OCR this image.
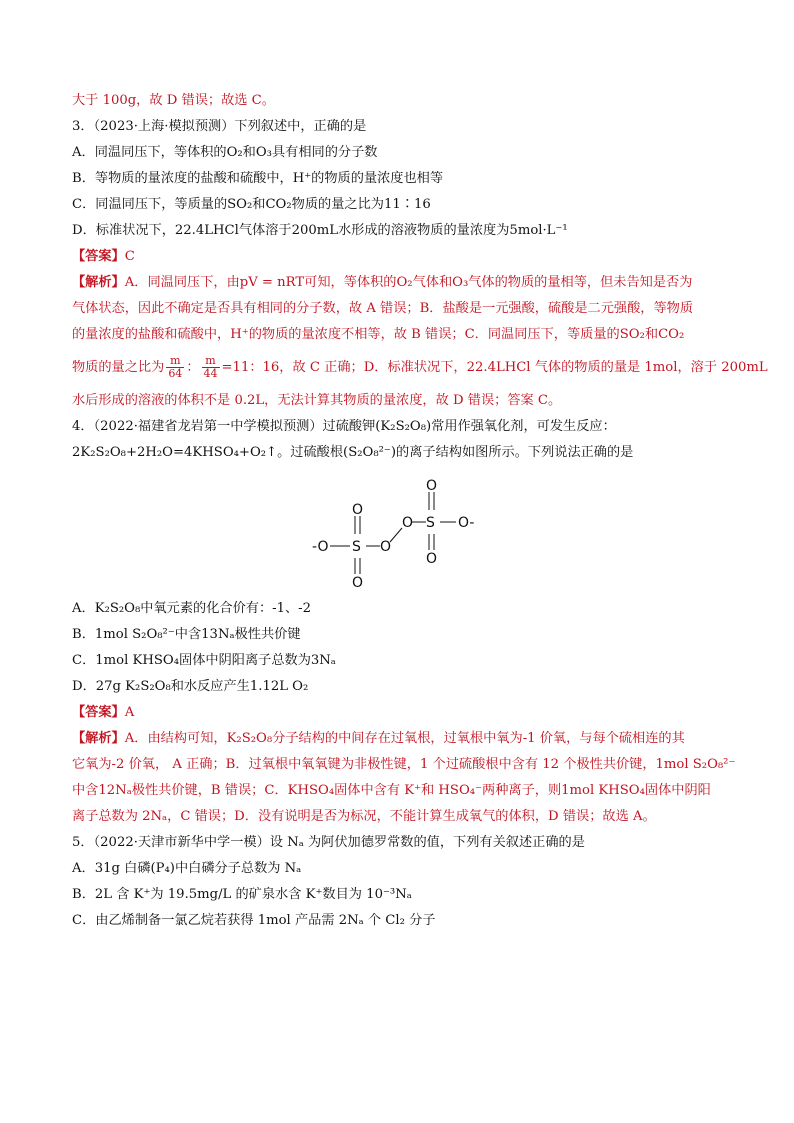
大于 100g，故 D 错误；故选 C。
3．（2023·上海·模拟预测）下列叙述中，正确的是
A．同温同压下，等体积的O₂和O₃具有相同的分子数
B．等物质的量浓度的盐酸和硫酸中，H⁺的物质的量浓度也相等
C．同温同压下，等质量的SO₂和CO₂物质的量之比为11∶16
D．标准状况下，22.4LHCl气体溶于200mL水形成的溶液物质的量浓度为5mol·L⁻¹
【答案】C
【解析】A．同温同压下，由pV = nRT可知，等体积的O₂气体和O₃气体的物质的量相等，但未告知是否为
气体状态，因此不确定是否具有相同的分子数，故 A 错误；B．盐酸是一元强酸，硫酸是二元强酸，等物质
的量浓度的盐酸和硫酸中，H⁺的物质的量浓度不相等，故 B 错误；C．同温同压下，等质量的SO₂和CO₂
物质的量之比为 $\frac{m}{64}$ ： $\frac{m}{44} =11$：16，故 C 正确；D．标准状况下，22.4LHCl 气体的物质的量是 1mol，溶于 200mL
水后形成的溶液的体积不是 0.2L，无法计算其物质的量浓度，故 D 错误；答案 C。
4．（2022·福建省龙岩第一中学模拟预测）过硫酸钾(K₂S₂O₈)常用作强氧化剂，可发生反应：
2K₂S₂O₈+2H₂O=4KHSO₄+O₂↑。过硫酸根(S₂O₈²⁻)的离子结构如图所示。下列说法正确的是
-O S O
O S O-
O
O
O
O
A．K₂S₂O₈中氧元素的化合价有：-1、-2
B．1mol S₂O₈²⁻中含13Nₐ极性共价键
C．1mol KHSO₄固体中阴阳离子总数为3Nₐ
D．27g K₂S₂O₈和水反应产生1.12L O₂
【答案】A
【解析】A．由结构可知，K₂S₂O₈分子结构的中间存在过氧根，过氧根中氧为-1 价氧，与每个硫相连的其
它氧为-2 价氧， A 正确；B．过氧根中氧氧键为非极性键，1 个过硫酸根中含有 12 个极性共价键，1mol S₂O₈²⁻
中含12Nₐ极性共价键，B 错误；C．KHSO₄固体中含有 K⁺和 HSO₄⁻两种离子，则1mol KHSO₄固体中阴阳
离子总数为 2Nₐ，C 错误；D．没有说明是否为标况，不能计算生成氧气的体积，D 错误；故选 A。
5．（2022·天津市新华中学一模）设 Nₐ 为阿伏加德罗常数的值，下列有关叙述正确的是
A．31g 白磷(P₄)中白磷分子总数为 Nₐ
B．2L 含 K⁺为 19.5mg/L 的矿泉水含 K⁺数目为 10⁻³Nₐ
C．由乙烯制备一氯乙烷若获得 1mol 产品需 2Nₐ 个 Cl₂ 分子
